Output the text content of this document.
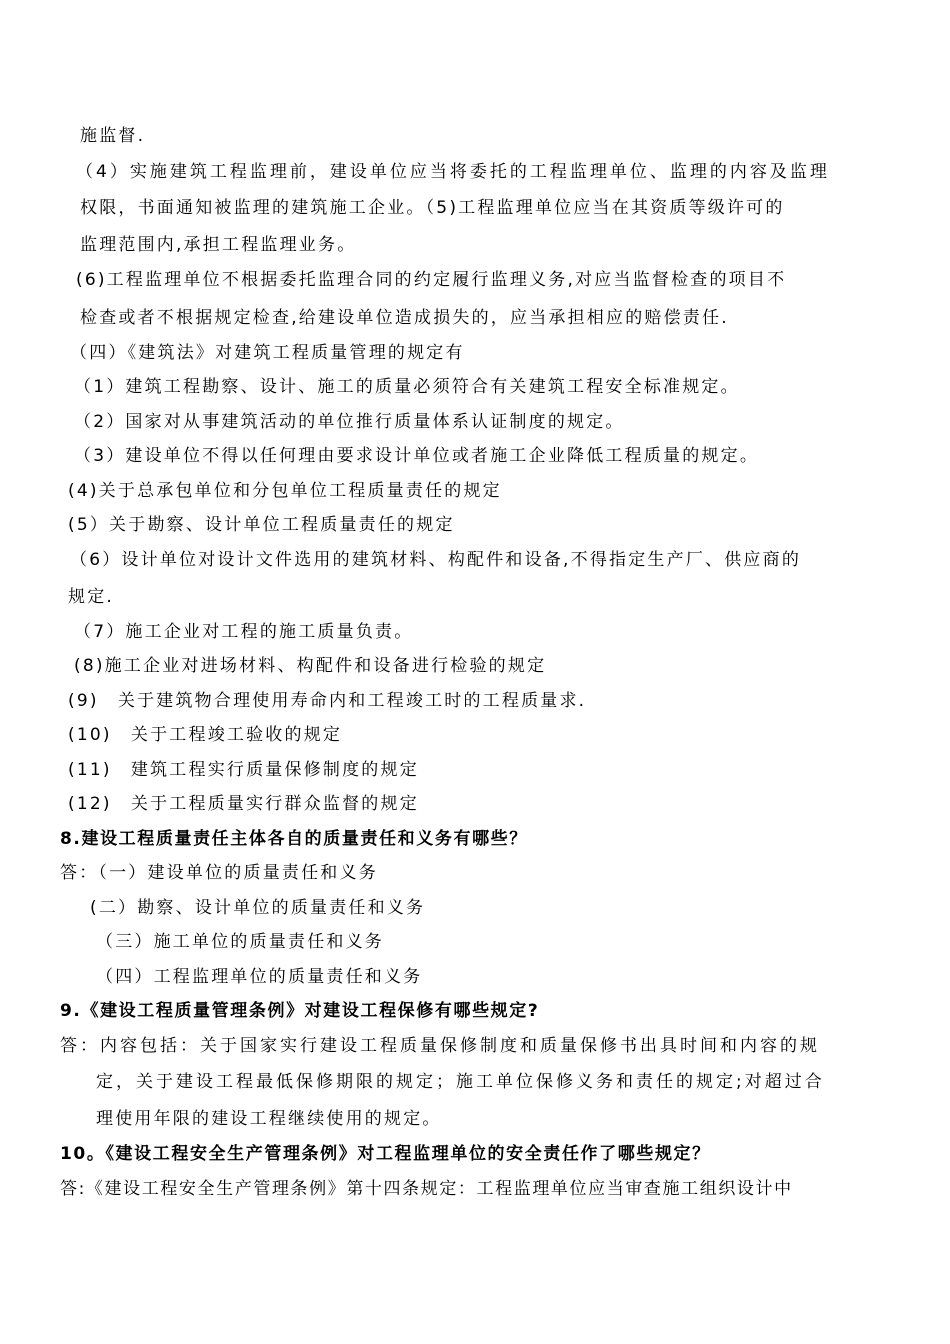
施监督.

（4）实施建筑工程监理前，建设单位应当将委托的工程监理单位、监理的内容及监理

权限，书面通知被监理的建筑施工企业。（5)工程监理单位应当在其资质等级许可的

监理范围内,承担工程监理业务。

(6)工程监理单位不根据委托监理合同的约定履行监理义务,对应当监督检查的项目不

检查或者不根据规定检查,给建设单位造成损失的，应当承担相应的赔偿责任.

（四）《建筑法》对建筑工程质量管理的规定有

（1）建筑工程勘察、设计、施工的质量必须符合有关建筑工程安全标准规定。

（2）国家对从事建筑活动的单位推行质量体系认证制度的规定。

（3）建设单位不得以任何理由要求设计单位或者施工企业降低工程质量的规定。

(4)关于总承包单位和分包单位工程质量责任的规定

(5）关于勘察、设计单位工程质量责任的规定

（6）设计单位对设计文件选用的建筑材料、构配件和设备,不得指定生产厂、供应商的

规定.

（7）施工企业对工程的施工质量负责。

(8)施工企业对进场材料、构配件和设备进行检验的规定

(9)　关于建筑物合理使用寿命内和工程竣工时的工程质量求.

(10)　关于工程竣工验收的规定

(11)　建筑工程实行质量保修制度的规定

(12)　关于工程质量实行群众监督的规定

8.建设工程质量责任主体各自的质量责任和义务有哪些？

答：（一）建设单位的质量责任和义务

(二）勘察、设计单位的质量责任和义务

（三）施工单位的质量责任和义务

（四）工程监理单位的质量责任和义务

9.《建设工程质量管理条例》对建设工程保修有哪些规定?

答：内容包括：关于国家实行建设工程质量保修制度和质量保修书出具时间和内容的规

定，关于建设工程最低保修期限的规定；施工单位保修义务和责任的规定;对超过合

理使用年限的建设工程继续使用的规定。

10。《建设工程安全生产管理条例》对工程监理单位的安全责任作了哪些规定？

答:《建设工程安全生产管理条例》第十四条规定：工程监理单位应当审查施工组织设计中
